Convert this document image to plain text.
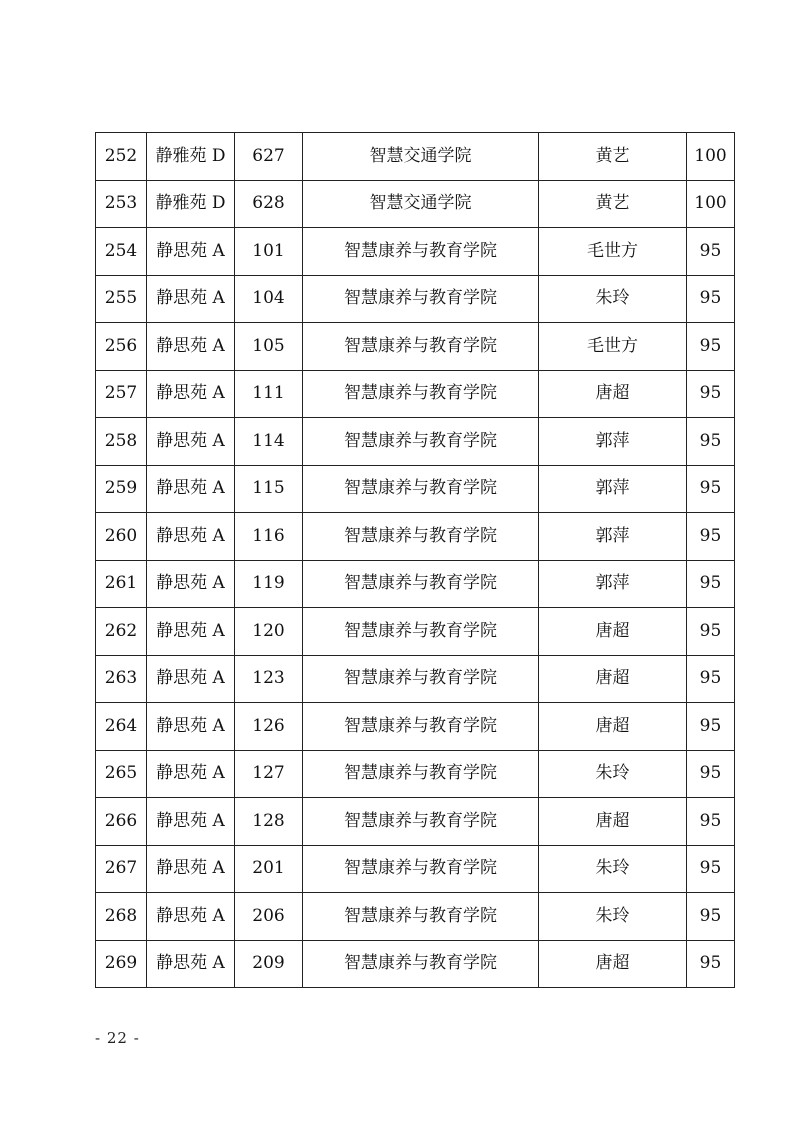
252	静雅苑 D	627	智慧交通学院	黄艺	100
253	静雅苑 D	628	智慧交通学院	黄艺	100
254	静思苑 A	101	智慧康养与教育学院	毛世方	95
255	静思苑 A	104	智慧康养与教育学院	朱玲	95
256	静思苑 A	105	智慧康养与教育学院	毛世方	95
257	静思苑 A	111	智慧康养与教育学院	唐超	95
258	静思苑 A	114	智慧康养与教育学院	郭萍	95
259	静思苑 A	115	智慧康养与教育学院	郭萍	95
260	静思苑 A	116	智慧康养与教育学院	郭萍	95
261	静思苑 A	119	智慧康养与教育学院	郭萍	95
262	静思苑 A	120	智慧康养与教育学院	唐超	95
263	静思苑 A	123	智慧康养与教育学院	唐超	95
264	静思苑 A	126	智慧康养与教育学院	唐超	95
265	静思苑 A	127	智慧康养与教育学院	朱玲	95
266	静思苑 A	128	智慧康养与教育学院	唐超	95
267	静思苑 A	201	智慧康养与教育学院	朱玲	95
268	静思苑 A	206	智慧康养与教育学院	朱玲	95
269	静思苑 A	209	智慧康养与教育学院	唐超	95
- 22 -
